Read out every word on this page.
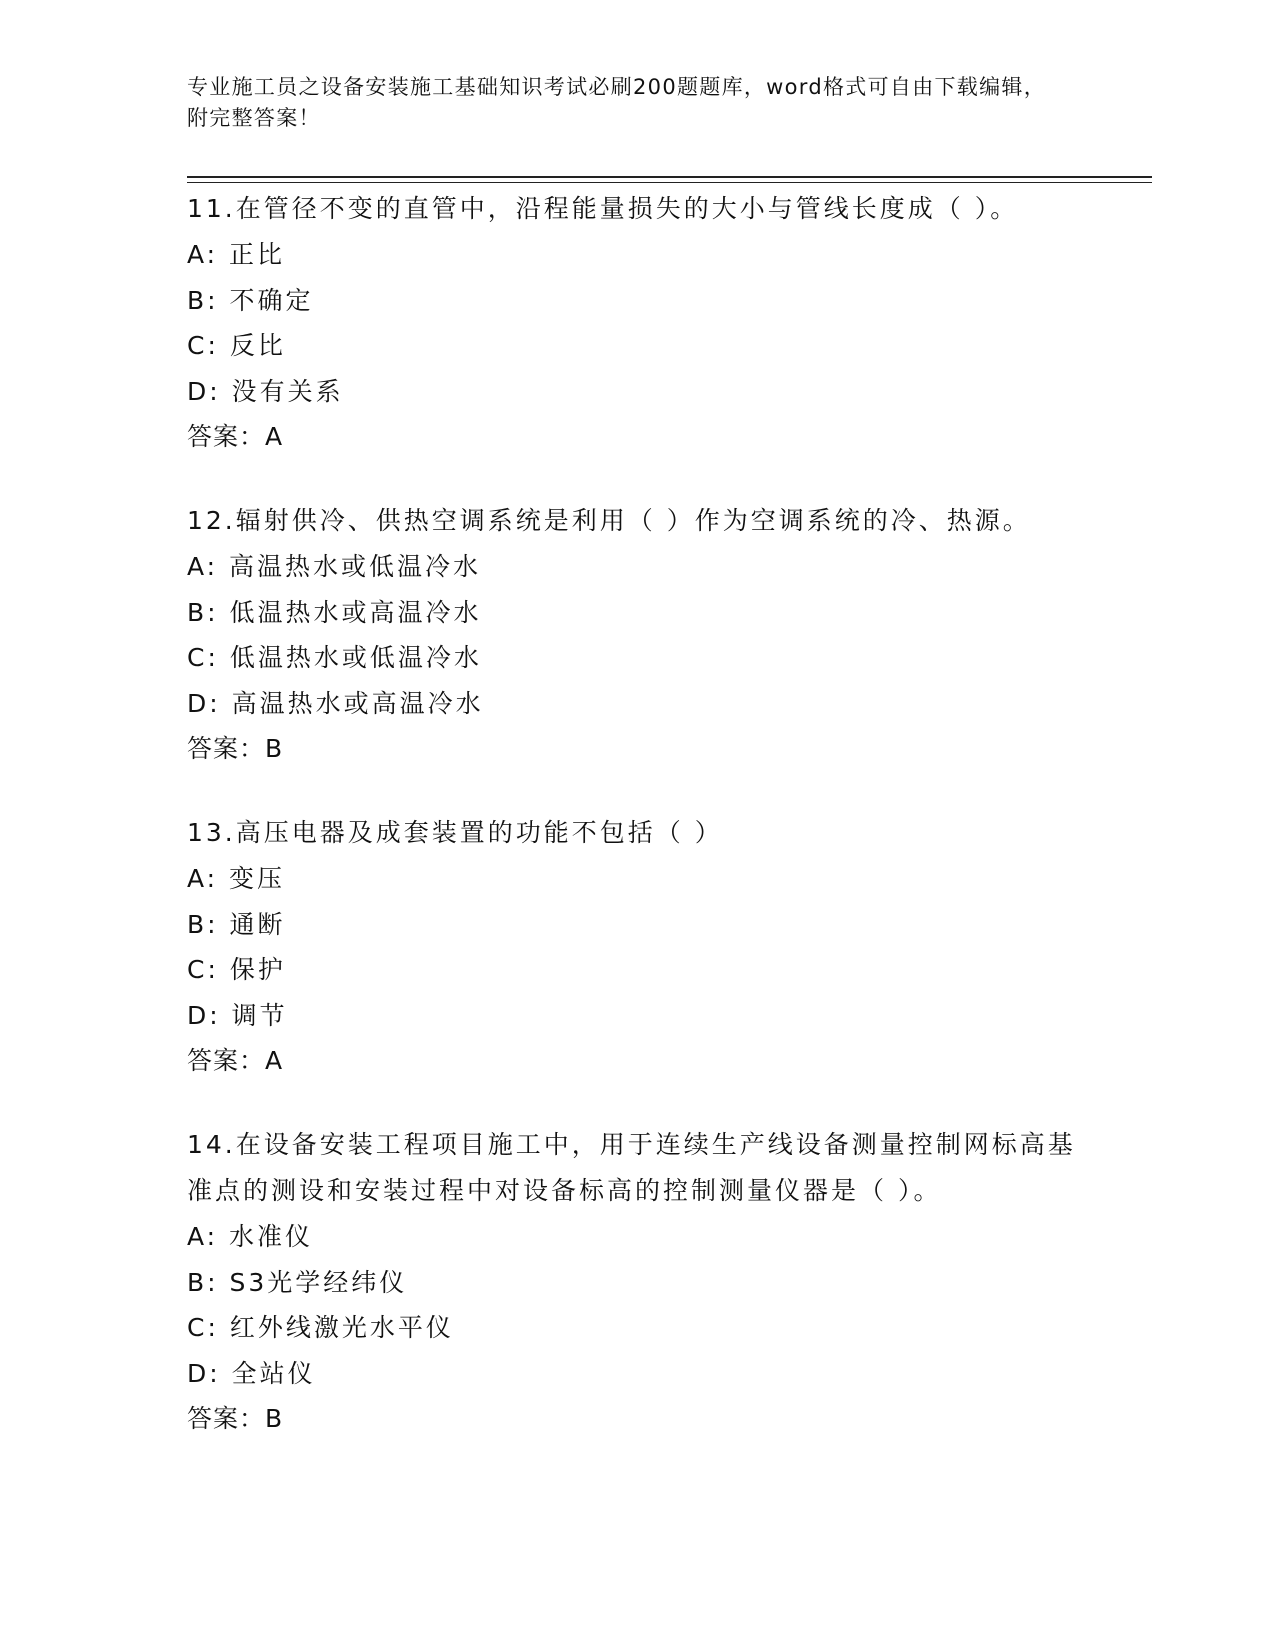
专业施工员之设备安装施工基础知识考试必刷200题题库，word格式可自由下载编辑，附完整答案！
11.在管径不变的直管中，沿程能量损失的大小与管线长度成（ ）。
A: 正比
B: 不确定
C: 反比
D: 没有关系
答案：A
12.辐射供冷、供热空调系统是利用（ ）作为空调系统的冷、热源。
A: 高温热水或低温冷水
B: 低温热水或高温冷水
C: 低温热水或低温冷水
D: 高温热水或高温冷水
答案：B
13.高压电器及成套装置的功能不包括（ ）
A: 变压
B: 通断
C: 保护
D: 调节
答案：A
14.在设备安装工程项目施工中，用于连续生产线设备测量控制网标高基准点的测设和安装过程中对设备标高的控制测量仪器是（ ）。
A: 水准仪
B: S3光学经纬仪
C: 红外线激光水平仪
D: 全站仪
答案：B
